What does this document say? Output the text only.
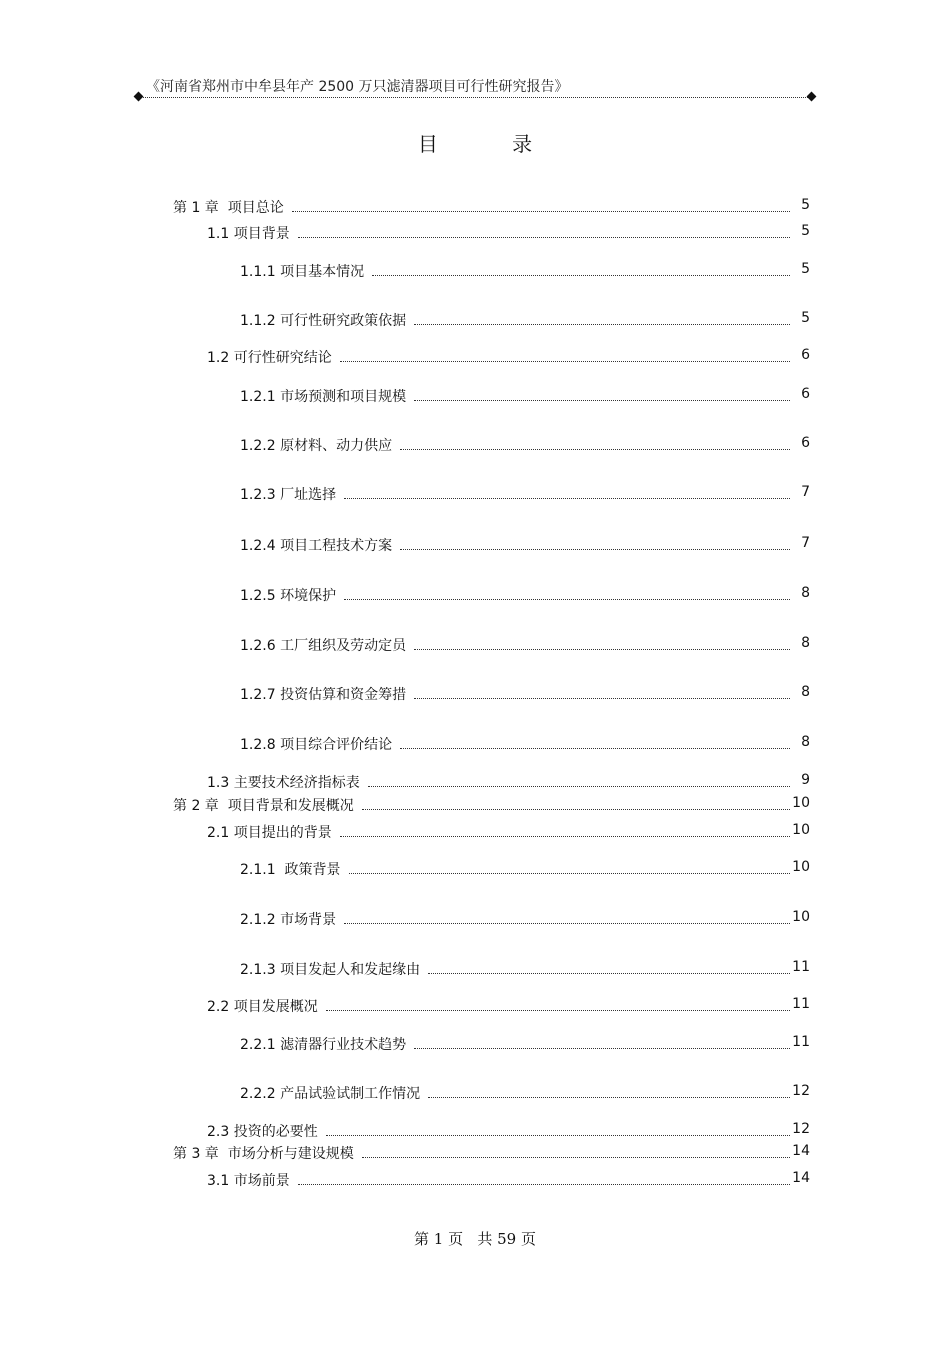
《河南省郑州市中牟县年产 2500 万只滤清器项目可行性研究报告》
目 录
第 1 章  项目总论	5
1.1 项目背景	5
1.1.1 项目基本情况	5
1.1.2 可行性研究政策依据	5
1.2 可行性研究结论	6
1.2.1 市场预测和项目规模	6
1.2.2 原材料、动力供应	6
1.2.3 厂址选择	7
1.2.4 项目工程技术方案	7
1.2.5 环境保护	8
1.2.6 工厂组织及劳动定员	8
1.2.7 投资估算和资金筹措	8
1.2.8 项目综合评价结论	8
1.3 主要技术经济指标表	9
第 2 章  项目背景和发展概况	10
2.1 项目提出的背景	10
2.1.1  政策背景	10
2.1.2 市场背景	10
2.1.3 项目发起人和发起缘由	11
2.2 项目发展概况	11
2.2.1 滤清器行业技术趋势	11
2.2.2 产品试验试制工作情况	12
2.3 投资的必要性	12
第 3 章  市场分析与建设规模	14
3.1 市场前景	14
第 1 页   共 59 页
